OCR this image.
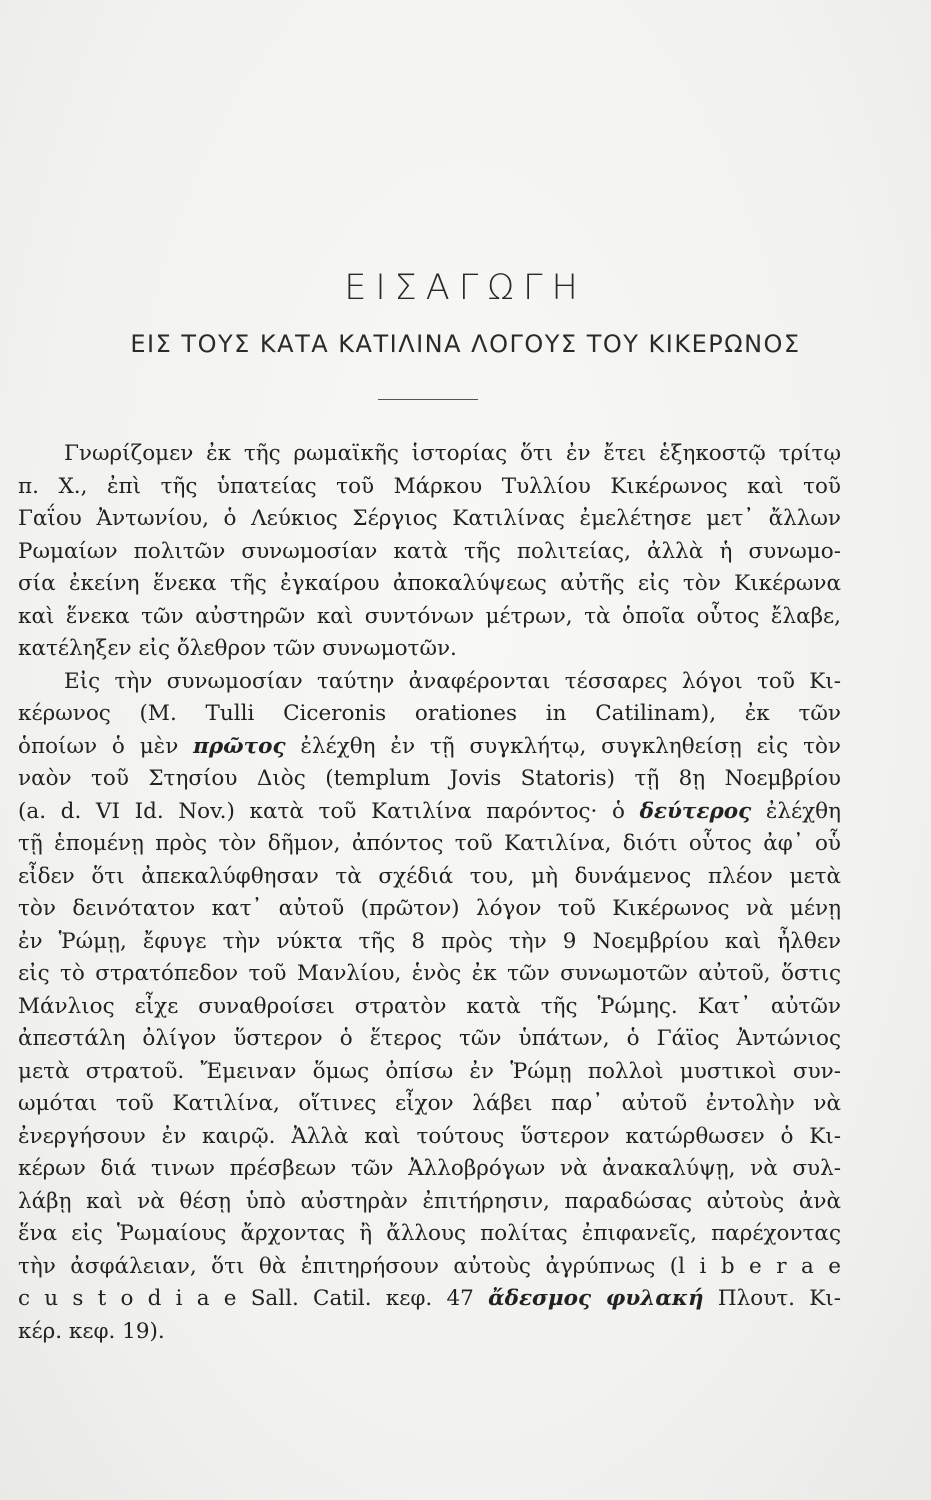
ΕΙΣΑΓΩΓΗ
ΕΙΣ ΤΟΥΣ ΚΑΤΑ ΚΑΤΙΛΙΝΑ ΛΟΓΟΥΣ ΤΟΥ ΚΙΚΕΡΩΝΟΣ
Γνωρίζομεν ἐκ τῆς ρωμαϊκῆς ἱστορίας ὅτι ἐν ἔτει ἑξηκοστῷ τρίτῳ
π. Χ., ἐπὶ τῆς ὑπατείας τοῦ Μάρκου Τυλλίου Κικέρωνος καὶ τοῦ
Γαΐου Ἀντωνίου, ὁ Λεύκιος Σέργιος Κατιλίνας ἐμελέτησε μετ᾿ ἄλλων
Ρωμαίων πολιτῶν συνωμοσίαν κατὰ τῆς πολιτείας, ἀλλὰ ἡ συνωμο-
σία ἐκείνη ἕνεκα τῆς ἐγκαίρου ἀποκαλύψεως αὐτῆς εἰς τὸν Κικέρωνα
καὶ ἕνεκα τῶν αὐστηρῶν καὶ συντόνων μέτρων, τὰ ὁποῖα οὗτος ἔλαβε,
κατέληξεν εἰς ὄλεθρον τῶν συνωμοτῶν.
Εἰς τὴν συνωμοσίαν ταύτην ἀναφέρονται τέσσαρες λόγοι τοῦ Κι-
κέρωνος (M. Tulli Ciceronis orationes in Catilinam), ἐκ τῶν
ὁποίων ὁ μὲν πρῶτος ἐλέχθη ἐν τῇ συγκλήτῳ, συγκληθείσῃ εἰς τὸν
ναὸν τοῦ Στησίου Διὸς (templum Jovis Statoris) τῇ 8ῃ Νοεμβρίου
(a. d. VI Id. Nov.) κατὰ τοῦ Κατιλίνα παρόντος· ὁ δεύτερος ἐλέχθη
τῇ ἑπομένῃ πρὸς τὸν δῆμον, ἀπόντος τοῦ Κατιλίνα, διότι οὗτος ἀφ᾿ οὗ
εἶδεν ὅτι ἀπεκαλύφθησαν τὰ σχέδιά του, μὴ δυνάμενος πλέον μετὰ
τὸν δεινότατον κατ᾿ αὐτοῦ (πρῶτον) λόγον τοῦ Κικέρωνος νὰ μένῃ
ἐν Ῥώμῃ, ἔφυγε τὴν νύκτα τῆς 8 πρὸς τὴν 9 Νοεμβρίου καὶ ἦλθεν
εἰς τὸ στρατόπεδον τοῦ Μανλίου, ἑνὸς ἐκ τῶν συνωμοτῶν αὐτοῦ, ὅστις
Μάνλιος εἶχε συναθροίσει στρατὸν κατὰ τῆς Ῥώμης. Κατ᾿ αὐτῶν
ἀπεστάλη ὀλίγον ὕστερον ὁ ἕτερος τῶν ὑπάτων, ὁ Γάϊος Ἀντώνιος
μετὰ στρατοῦ. Ἔμειναν ὅμως ὀπίσω ἐν Ῥώμῃ πολλοὶ μυστικοὶ συν-
ωμόται τοῦ Κατιλίνα, οἵτινες εἶχον λάβει παρ᾿ αὐτοῦ ἐντολὴν νὰ
ἐνεργήσουν ἐν καιρῷ. Ἀλλὰ καὶ τούτους ὕστερον κατώρθωσεν ὁ Κι-
κέρων διά τινων πρέσβεων τῶν Ἀλλοβρόγων νὰ ἀνακαλύψῃ, νὰ συλ-
λάβῃ καὶ νὰ θέσῃ ὑπὸ αὐστηρὰν ἐπιτήρησιν, παραδώσας αὐτοὺς ἀνὰ
ἕνα εἰς Ῥωμαίους ἄρχοντας ἢ ἄλλους πολίτας ἐπιφανεῖς, παρέχοντας
τὴν ἀσφάλειαν, ὅτι θὰ ἐπιτηρήσουν αὐτοὺς ἀγρύπνως (l i b e r a e
c u s t o d i a e Sall. Catil. κεφ. 47 ἄδεσμος φυλακή Πλουτ. Κι-
κέρ. κεφ. 19).
